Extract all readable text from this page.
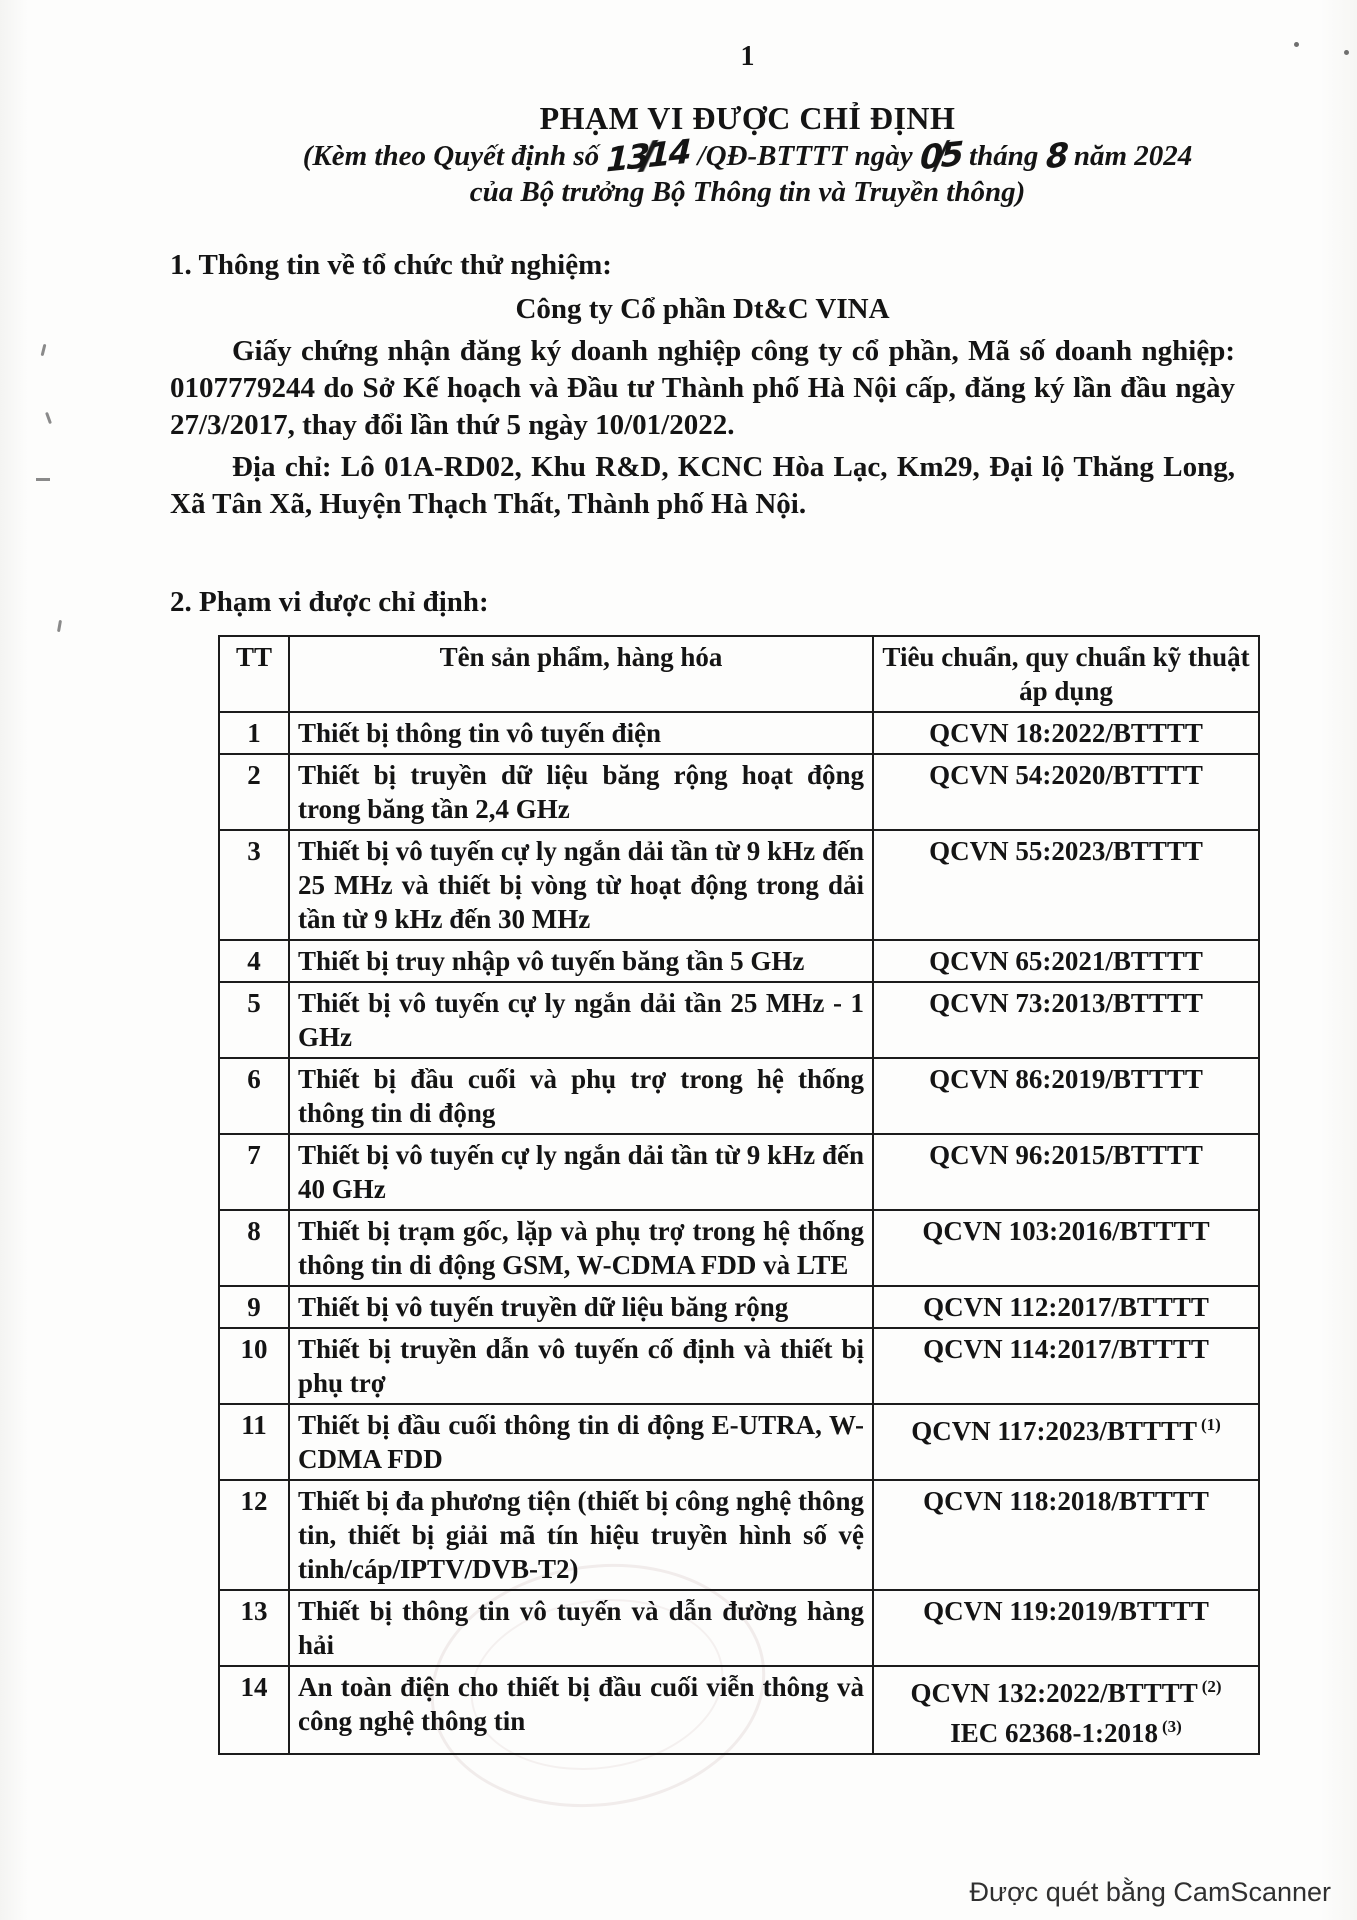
1
PHẠM VI ĐƯỢC CHỈ ĐỊNH
(Kèm theo Quyết định số 1314 /QĐ-BTTTT ngày 05 tháng 8 năm 2024
của Bộ trưởng Bộ Thông tin và Truyền thông)
1. Thông tin về tổ chức thử nghiệm:
Công ty Cổ phần Dt&C VINA
Giấy chứng nhận đăng ký doanh nghiệp công ty cổ phần, Mã số doanh nghiệp: 0107779244 do Sở Kế hoạch và Đầu tư Thành phố Hà Nội cấp, đăng ký lần đầu ngày 27/3/2017, thay đổi lần thứ 5 ngày 10/01/2022.
Địa chỉ: Lô 01A-RD02, Khu R&D, KCNC Hòa Lạc, Km29, Đại lộ Thăng Long, Xã Tân Xã, Huyện Thạch Thất, Thành phố Hà Nội.
2. Phạm vi được chỉ định:
TT	Tên sản phẩm, hàng hóa	Tiêu chuẩn, quy chuẩn kỹ thuật áp dụng
1	Thiết bị thông tin vô tuyến điện	QCVN 18:2022/BTTTT

2	Thiết bị truyền dữ liệu băng rộng hoạt động trong băng tần 2,4 GHz	QCVN 54:2020/BTTTT

3	Thiết bị vô tuyến cự ly ngắn dải tần từ 9 kHz đến 25 MHz và thiết bị vòng từ hoạt động trong dải tần từ 9 kHz đến 30 MHz	QCVN 55:2023/BTTTT

4	Thiết bị truy nhập vô tuyến băng tần 5 GHz	QCVN 65:2021/BTTTT

5	Thiết bị vô tuyến cự ly ngắn dải tần 25 MHz - 1 GHz	QCVN 73:2013/BTTTT

6	Thiết bị đầu cuối và phụ trợ trong hệ thống thông tin di động	QCVN 86:2019/BTTTT

7	Thiết bị vô tuyến cự ly ngắn dải tần từ 9 kHz đến 40 GHz	QCVN 96:2015/BTTTT

8	Thiết bị trạm gốc, lặp và phụ trợ trong hệ thống thông tin di động GSM, W-CDMA FDD và LTE	QCVN 103:2016/BTTTT

9	Thiết bị vô tuyến truyền dữ liệu băng rộng	QCVN 112:2017/BTTTT

10	Thiết bị truyền dẫn vô tuyến cố định và thiết bị phụ trợ	QCVN 114:2017/BTTTT

11	Thiết bị đầu cuối thông tin di động E-UTRA, W-CDMA FDD	QCVN 117:2023/BTTTT $^{(1)}$

12	Thiết bị đa phương tiện (thiết bị công nghệ thông tin, thiết bị giải mã tín hiệu truyền hình số vệ tinh/cáp/IPTV/DVB-T2)	QCVN 118:2018/BTTTT

13	Thiết bị thông tin vô tuyến và dẫn đường hàng hải	QCVN 119:2019/BTTTT

14	An toàn điện cho thiết bị đầu cuối viễn thông và công nghệ thông tin	QCVN 132:2022/BTTTT $^{(2)}$
IEC 62368-1:2018 $^{(3)}$
Được quét bằng CamScanner
